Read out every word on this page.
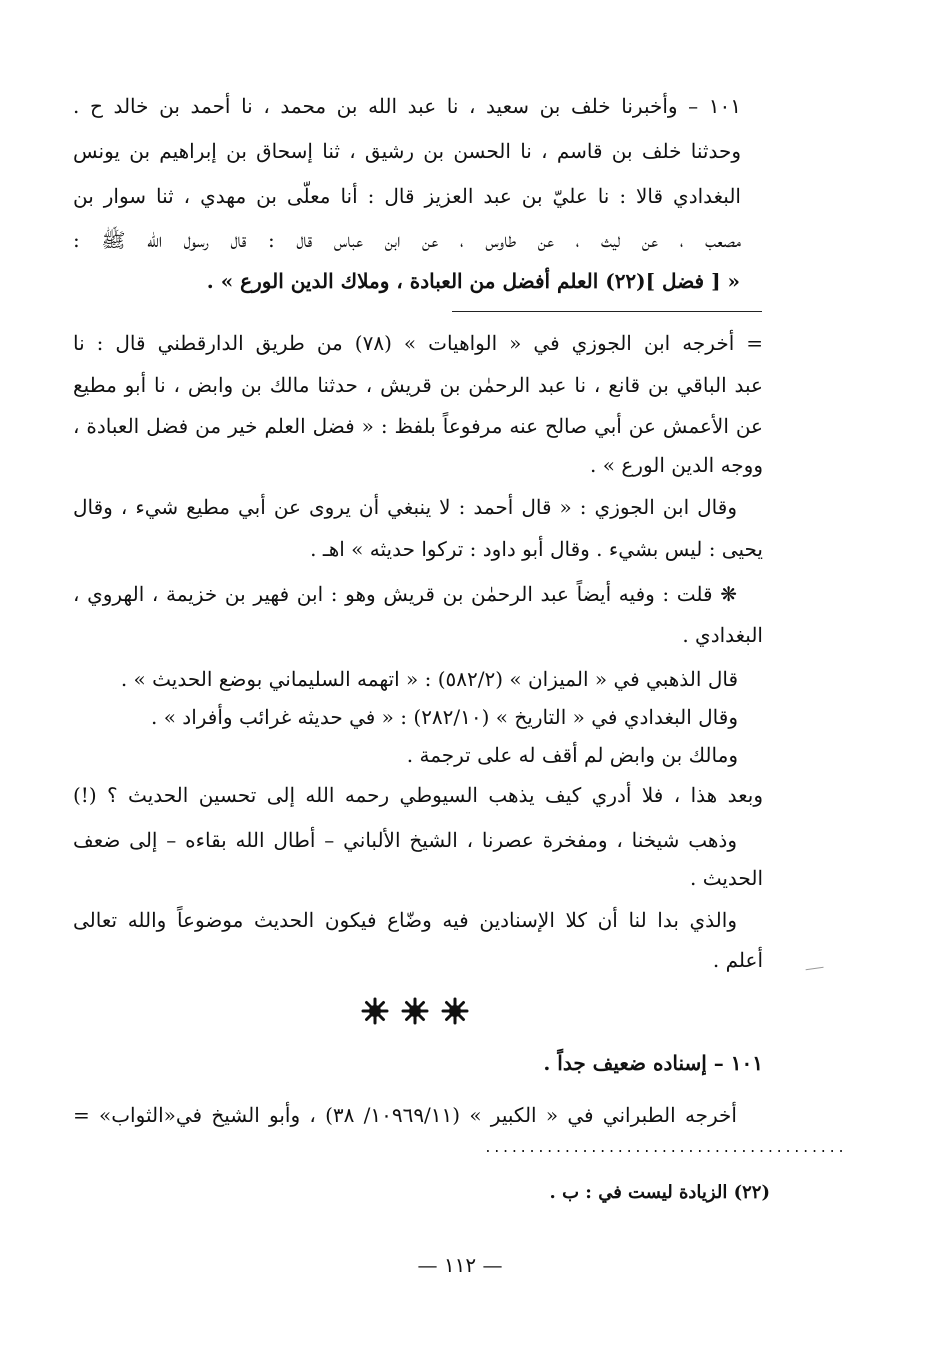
١٠١ – وأخبرنا خلف بن سعيد ، نا عبد الله بن محمد ، نا أحمد بن خالد ح .
وحدثنا خلف بن قاسم ، نا الحسن بن رشيق ، ثنا إسحاق بن إبراهيم بن يونس
البغدادي قالا : نا عليّ بن عبد العزيز قال : أنا معلّى بن مهدي ، ثنا سوار بن
مصعب ، عن ليث ، عن طاوس ، عن ابن عباس قال : قال رسول الله ﷺ :
« [ فضل ](٢٢) العلم أفضل من العبادة ، وملاك الدين الورع » .
= أخرجه ابن الجوزي في « الواهيات » (٧٨) من طريق الدارقطني قال : نا
عبد الباقي بن قانع ، نا عبد الرحمٰن بن قريش ، حدثنا مالك بن وابض ، نا أبو مطيع
عن الأعمش عن أبي صالح عنه مرفوعاً بلفظ : « فضل العلم خير من فضل العبادة ،
ووجه الدين الورع » .
وقال ابن الجوزي : « قال أحمد : لا ينبغي أن يروى عن أبي مطيع شيء ، وقال
يحيى : ليس بشيء . وقال أبو داود : تركوا حديثه » اهـ .
❋ قلت : وفيه أيضاً عبد الرحمٰن بن قريش وهو : ابن فهير بن خزيمة ، الهروي ،
البغدادي .
قال الذهبي في « الميزان » (٥٨٢/٢) : « اتهمه السليماني بوضع الحديث » .
وقال البغدادي في « التاريخ » (٢٨٢/١٠) : « في حديثه غرائب وأفراد » .
ومالك بن وابض لم أقف له على ترجمة .
وبعد هذا ، فلا أدري كيف يذهب السيوطي رحمه الله إلى تحسين الحديث ؟ (!)
وذهب شيخنا ، ومفخرة عصرنا ، الشيخ الألباني – أطال الله بقاءه – إلى ضعف
الحديث .
والذي بدا لنا أن كلا الإسنادين فيه وضّاع فيكون الحديث موضوعاً والله تعالى
أعلم .
١٠١ – إسناده ضعيف جداً .
أخرجه الطبراني في « الكبير » (١٠٩٦٩/١١/ ٣٨) ، وأبو الشيخ في«الثواب» =
.........................................
(٢٢) الزيادة ليست في : ب .
— ١١٢ —
